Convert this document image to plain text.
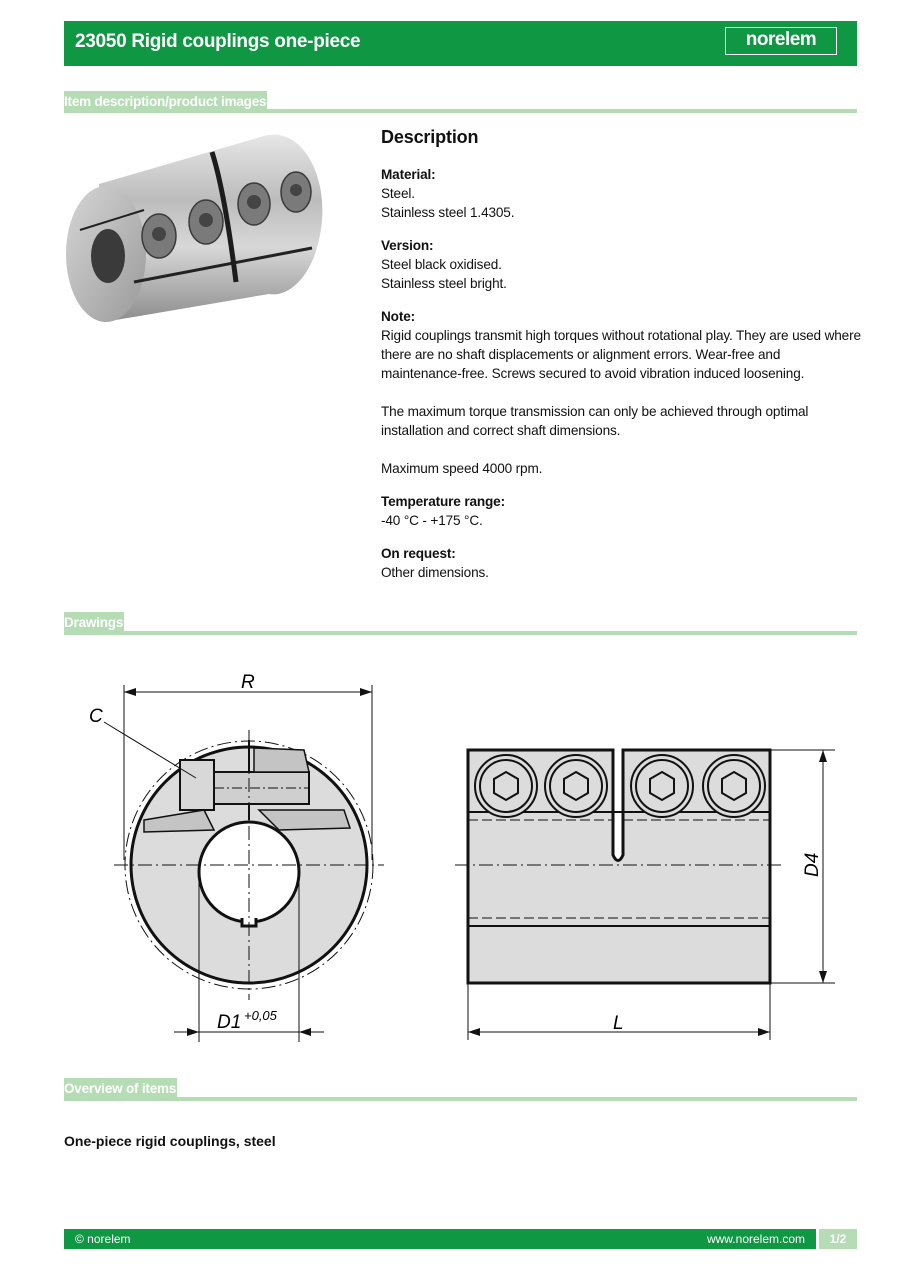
23050 Rigid couplings one-piece	norelem
Item description/product images
Description
Material:
Steel.
Stainless steel 1.4305.
Version:
Steel black oxidised.
Stainless steel bright.
Note:

Rigid couplings transmit high torques without rotational play. They are used where there are no shaft displacements or alignment errors. Wear-free and maintenance-free. Screws secured to avoid vibration induced loosening.

The maximum torque transmission can only be achieved through optimal installation and correct shaft dimensions.

Maximum speed 4000 rpm.

Temperature range:
-40 °C - +175 °C.
On request:
Other dimensions.
Drawings
R
C
D1 +0,05
D4
L
Overview of items
One-piece rigid couplings, steel
© norelem	www.norelem.com	1/2
